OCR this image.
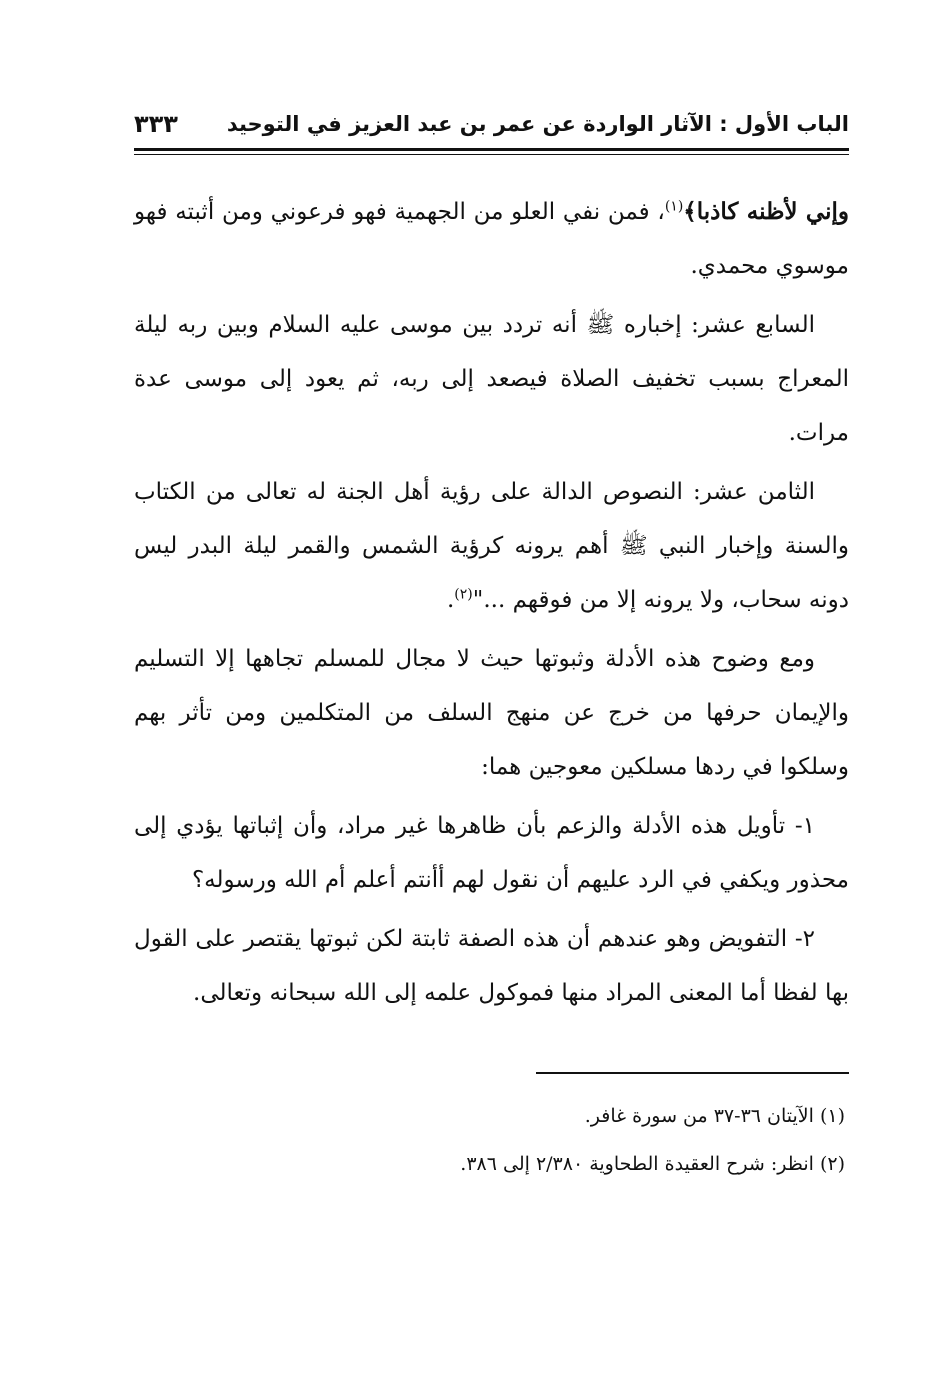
الباب الأول : الآثار الواردة عن عمر بن عبد العزيز في التوحيد
٣٣٣

وإني لأظنه كاذبا﴾$^{(١)}$، فمن نفي العلو من الجهمية فهو فرعوني ومن أثبته فهو موسوي محمدي.

السابع عشر: إخباره ﷺ أنه تردد بين موسى عليه السلام وبين ربه ليلة المعراج بسبب تخفيف الصلاة فيصعد إلى ربه، ثم يعود إلى موسى عدة مرات.

الثامن عشر: النصوص الدالة على رؤية أهل الجنة له تعالى من الكتاب والسنة وإخبار النبي ﷺ أهم يرونه كرؤية الشمس والقمر ليلة البدر ليس دونه سحاب، ولا يرونه إلا من فوقهم ..."$^{(٢)}$.

ومع وضوح هذه الأدلة وثبوتها حيث لا مجال للمسلم تجاهها إلا التسليم والإيمان حرفها من خرج عن منهج السلف من المتكلمين ومن تأثر بهم وسلكوا في ردها مسلكين معوجين هما:

١- تأويل هذه الأدلة والزعم بأن ظاهرها غير مراد، وأن إثباتها يؤدي إلى محذور ويكفي في الرد عليهم أن نقول لهم أأنتم أعلم أم الله ورسوله؟

٢- التفويض وهو عندهم أن هذه الصفة ثابتة لكن ثبوتها يقتصر على القول بها لفظا أما المعنى المراد منها فموكول علمه إلى الله سبحانه وتعالى.

(١) الآيتان ٣٦-٣٧ من سورة غافر.

(٢) انظر: شرح العقيدة الطحاوية ٢/٣٨٠ إلى ٣٨٦.
